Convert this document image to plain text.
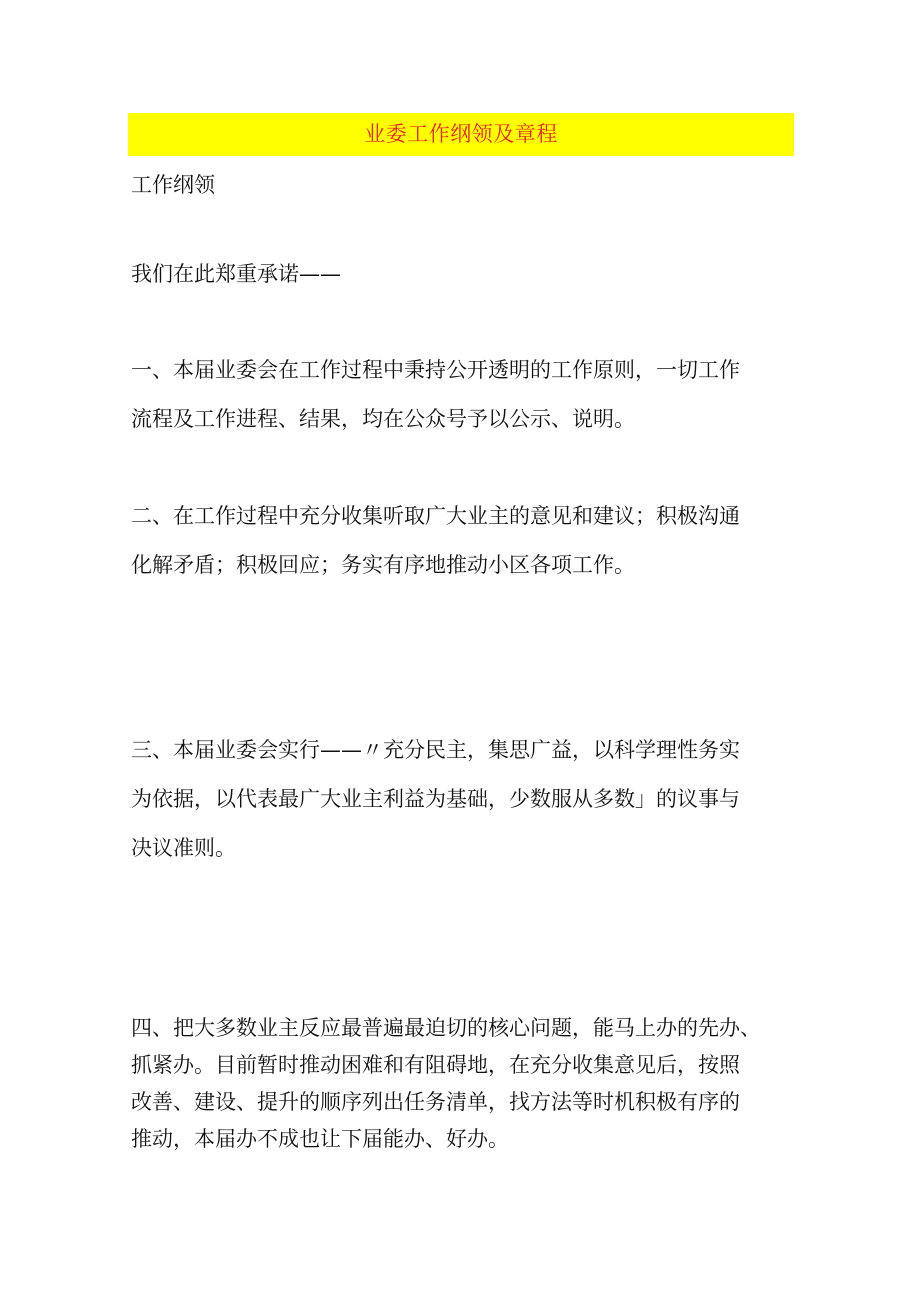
业委工作纲领及章程
工作纲领
我们在此郑重承诺——
一、本届业委会在工作过程中秉持公开透明的工作原则，一切工作
流程及工作进程、结果，均在公众号予以公示、说明。
二、在工作过程中充分收集听取广大业主的意见和建议；积极沟通
化解矛盾；积极回应；务实有序地推动小区各项工作。
三、本届业委会实行——〃充分民主，集思广益，以科学理性务实
为依据，以代表最广大业主利益为基础，少数服从多数」的议事与
决议准则。
四、把大多数业主反应最普遍最迫切的核心问题，能马上办的先办、
抓紧办。目前暂时推动困难和有阻碍地，在充分收集意见后，按照
改善、建设、提升的顺序列出任务清单，找方法等时机积极有序的
推动，本届办不成也让下届能办、好办。
